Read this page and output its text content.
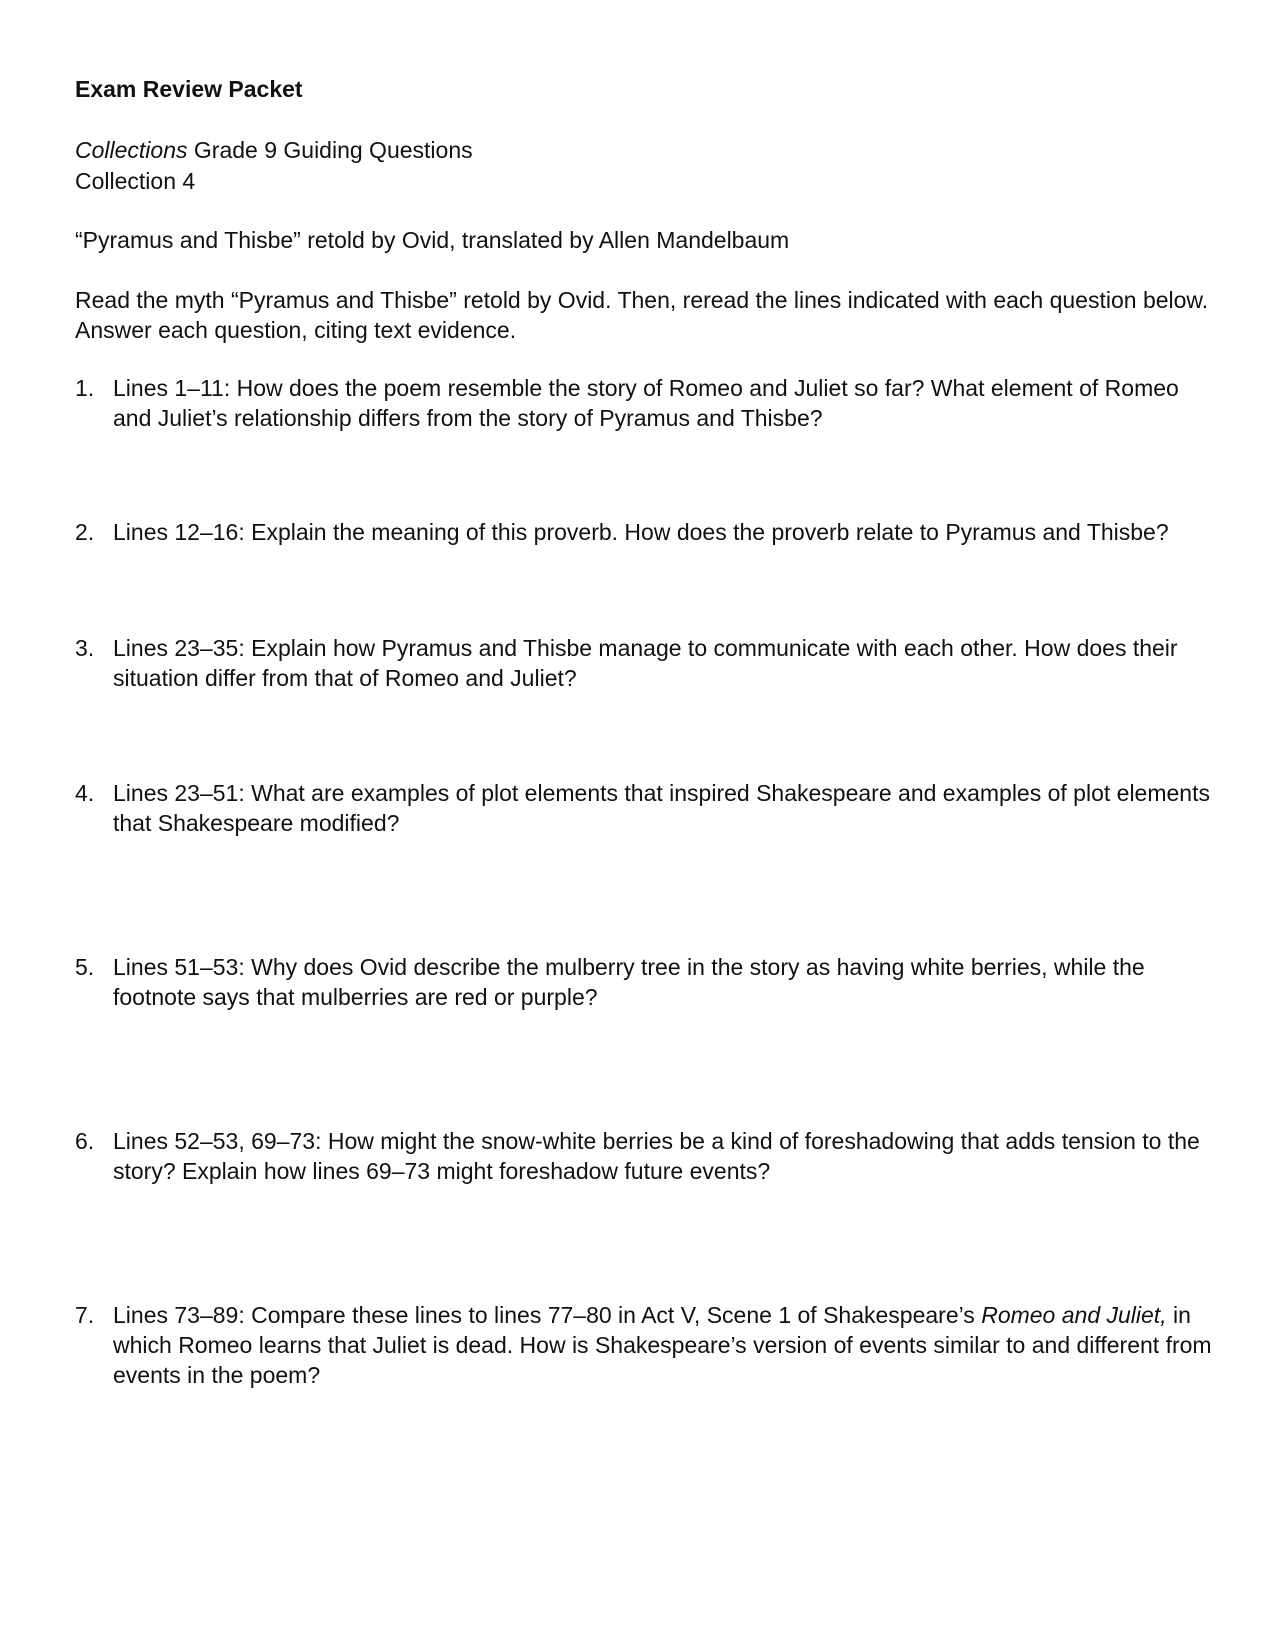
Exam Review Packet

Collections Grade 9 Guiding Questions

Collection 4

“Pyramus and Thisbe” retold by Ovid, translated by Allen Mandelbaum

Read the myth “Pyramus and Thisbe” retold by Ovid. Then, reread the lines indicated with each question below. Answer each question, citing text evidence.

1. Lines 1–11: How does the poem resemble the story of Romeo and Juliet so far? What element of Romeo and Juliet’s relationship differs from the story of Pyramus and Thisbe?
2. Lines 12–16: Explain the meaning of this proverb. How does the proverb relate to Pyramus and Thisbe?
3. Lines 23–35: Explain how Pyramus and Thisbe manage to communicate with each other. How does their situation differ from that of Romeo and Juliet?
4. Lines 23–51: What are examples of plot elements that inspired Shakespeare and examples of plot elements that Shakespeare modified?
5. Lines 51–53: Why does Ovid describe the mulberry tree in the story as having white berries, while the footnote says that mulberries are red or purple?
6. Lines 52–53, 69–73: How might the snow-white berries be a kind of foreshadowing that adds tension to the story? Explain how lines 69–73 might foreshadow future events?
7. Lines 73–89: Compare these lines to lines 77–80 in Act V, Scene 1 of Shakespeare’s Romeo and Juliet, in which Romeo learns that Juliet is dead. How is Shakespeare’s version of events similar to and different from events in the poem?
